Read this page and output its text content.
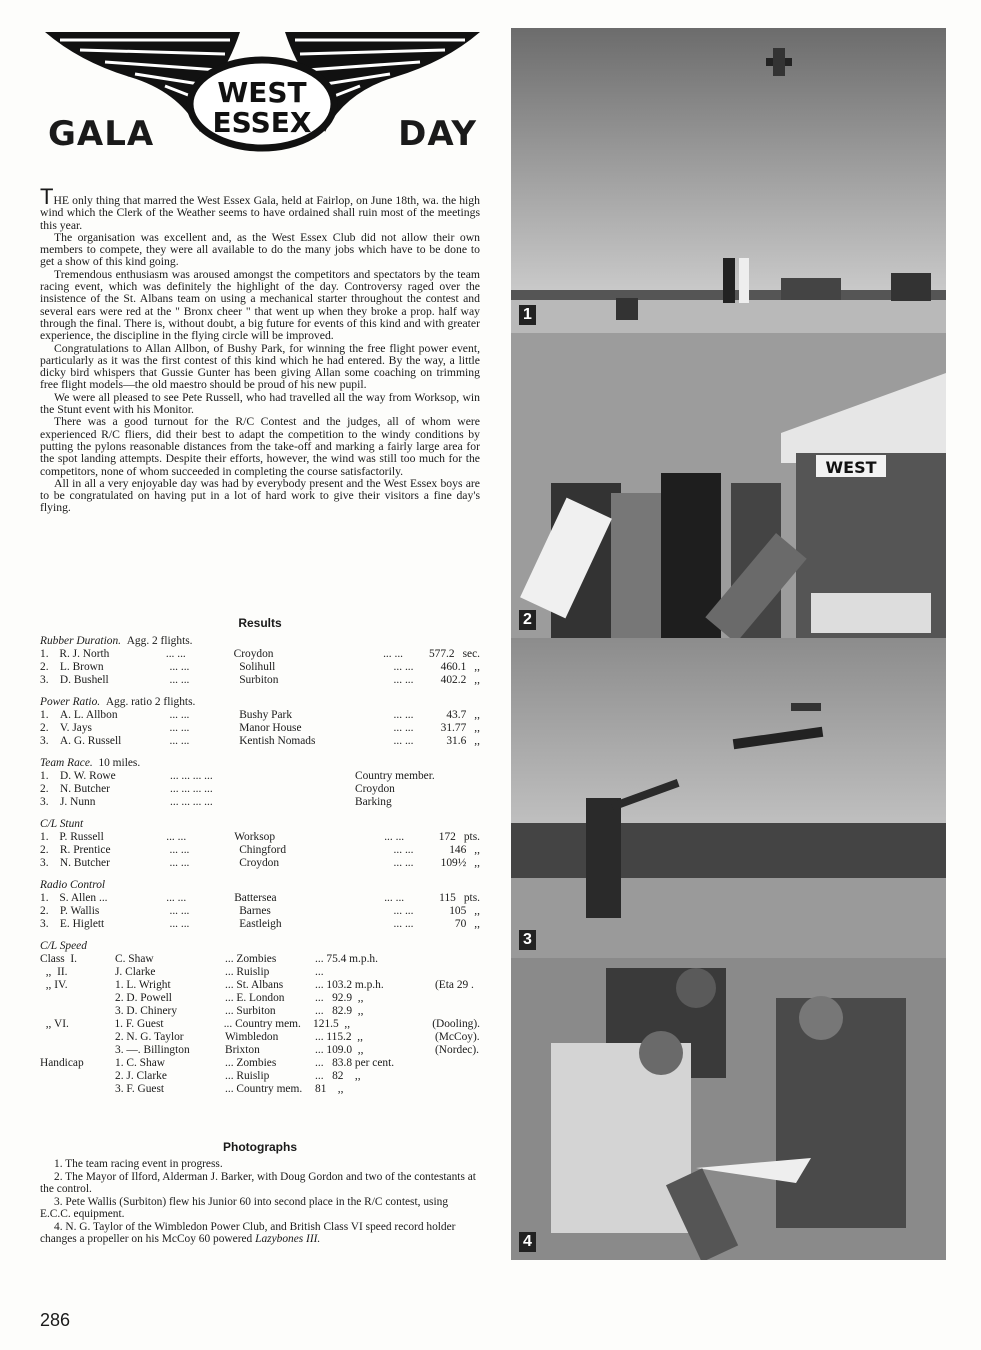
WEST
ESSEX
GALA	DAY

THE only thing that marred the West Essex Gala, held at Fairlop, on June 18th, wa. the high wind which the Clerk of the Weather seems to have ordained shall ruin most of the meetings this year.

The organisation was excellent and, as the West Essex Club did not allow their own members to compete, they were all available to do the many jobs which have to be done to get a show of this kind going.

Tremendous enthusiasm was aroused amongst the competitors and spectators by the team racing event, which was definitely the highlight of the day. Controversy raged over the insistence of the St. Albans team on using a mechanical starter throughout the contest and several ears were red at the " Bronx cheer " that went up when they broke a prop. half way through the final. There is, without doubt, a big future for events of this kind and with greater experience, the discipline in the flying circle will be improved.

Congratulations to Allan Allbon, of Bushy Park, for winning the free flight power event, particularly as it was the first contest of this kind which he had entered. By the way, a little dicky bird whispers that Gussie Gunter has been giving Allan some coaching on trimming free flight models—the old maestro should be proud of his new pupil.

We were all pleased to see Pete Russell, who had travelled all the way from Worksop, win the Stunt event with his Monitor.

There was a good turnout for the R/C Contest and the judges, all of whom were experienced R/C fliers, did their best to adapt the competition to the windy conditions by putting the pylons reasonable distances from the take-off and marking a fairly large area for the spot landing attempts. Despite their efforts, however, the wind was still too much for the competitors, none of whom succeeded in completing the course satisfactorily.

All in all a very enjoyable day was had by everybody present and the West Essex boys are to be congratulated on having put in a lot of hard work to give their visitors a fine day's flying.

Results
Rubber Duration. Agg. 2 flights.
1. R. J. North	... ...	Croydon	... ...	577.2 sec.
2. L. Brown	... ...	Solihull	... ...	460.1 ,,
3. D. Bushell	... ...	Surbiton	... ...	402.2 ,,
Power Ratio. Agg. ratio 2 flights.
1. A. L. Allbon	... ...	Bushy Park	... ...	43.7 ,,
2. V. Jays	... ...	Manor House	... ...	31.77 ,,
3. A. G. Russell	... ...	Kentish Nomads	... ...	31.6 ,,
Team Race. 10 miles.
1.	D. W. Rowe	... ... ... ...	Country member.
2.	N. Butcher	... ... ... ...	Croydon
3.	J. Nunn	... ... ... ...	Barking
C/L Stunt
1. P. Russell	... ...	Worksop	... ...	172 pts.
2. R. Prentice	... ...	Chingford	... ...	146 ,,
3. N. Butcher	... ...	Croydon	... ...	109½ ,,
Radio Control
1. S. Allen ...	... ...	Battersea	... ...	115 pts.
2. P. Wallis	... ...	Barnes	... ...	105 ,,
3. E. Higlett	... ...	Eastleigh	... ...	70 ,,
C/L Speed
Class  I.	C. Shaw	... Zombies	... 75.4 m.p.h.
,,  II.	J. Clarke	... Ruislip	...
,, IV.	1. L. Wright	... St. Albans	... 103.2 m.p.h.	(Eta 29 .
2. D. Powell	... E. London	...   92.9  ,,
3. D. Chinery	... Surbiton	...   82.9  ,,
,, VI.	1. F. Guest	... Country mem.	121.5  ,,	(Dooling).
2. N. G. Taylor	Wimbledon	... 115.2  ,,	(McCoy).
3. —. Billington	Brixton	... 109.0  ,,	(Nordec).
Handicap	1. C. Shaw	... Zombies	...   83.8 per cent.
2. J. Clarke	... Ruislip	...   82    ,,
3. F. Guest	... Country mem.	81    ,,
Photographs

1. The team racing event in progress.

2. The Mayor of Ilford, Alderman J. Barker, with Doug Gordon and two of the contestants at the control.

3. Pete Wallis (Surbiton) flew his Junior 60 into second place in the R/C contest, using E.C.C. equipment.

4. N. G. Taylor of the Wimbledon Power Club, and British Class VI speed record holder changes a propeller on his McCoy 60 powered Lazybones III.

286
1
WEST
2
3
4
